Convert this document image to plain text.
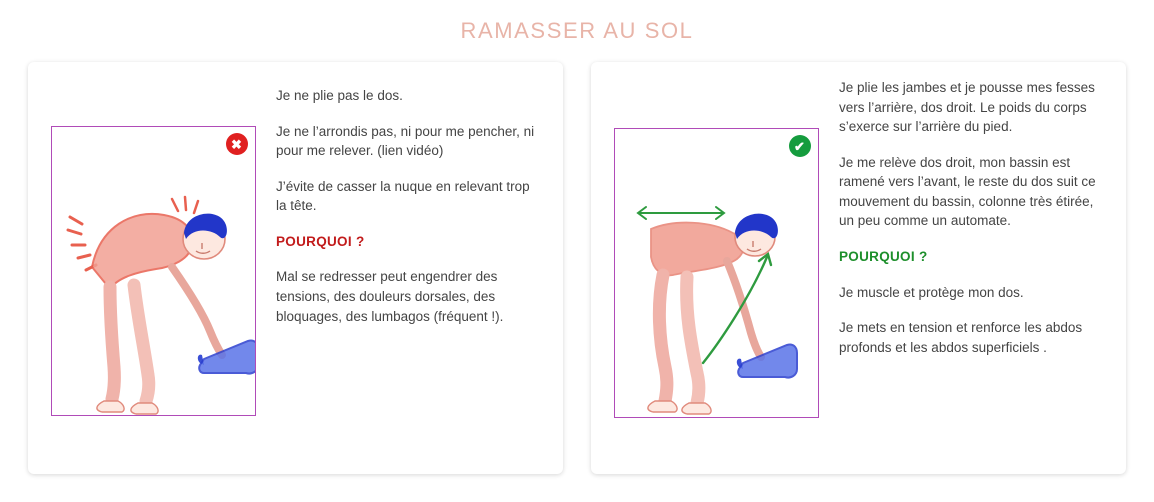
RAMASSER AU SOL
✖

Je ne plie pas le dos.

Je ne l’arrondis pas, ni pour me pencher, ni pour me relever. (lien vidéo)

J’évite de casser la nuque en relevant trop la tête.

POURQUOI ?

Mal se redresser peut engendrer des tensions, des douleurs dorsales, des bloquages, des lumbagos (fréquent !).

✔

Je plie les jambes et je pousse mes fesses vers l’arrière, dos droit. Le poids du corps s’exerce sur l’arrière du pied.

Je me relève dos droit, mon bassin est ramené vers l’avant, le reste du dos suit ce mouvement du bassin, colonne très étirée, un peu comme un automate.

POURQUOI ?

Je muscle et protège mon dos.

Je mets en tension et renforce les abdos profonds et les abdos superficiels .
